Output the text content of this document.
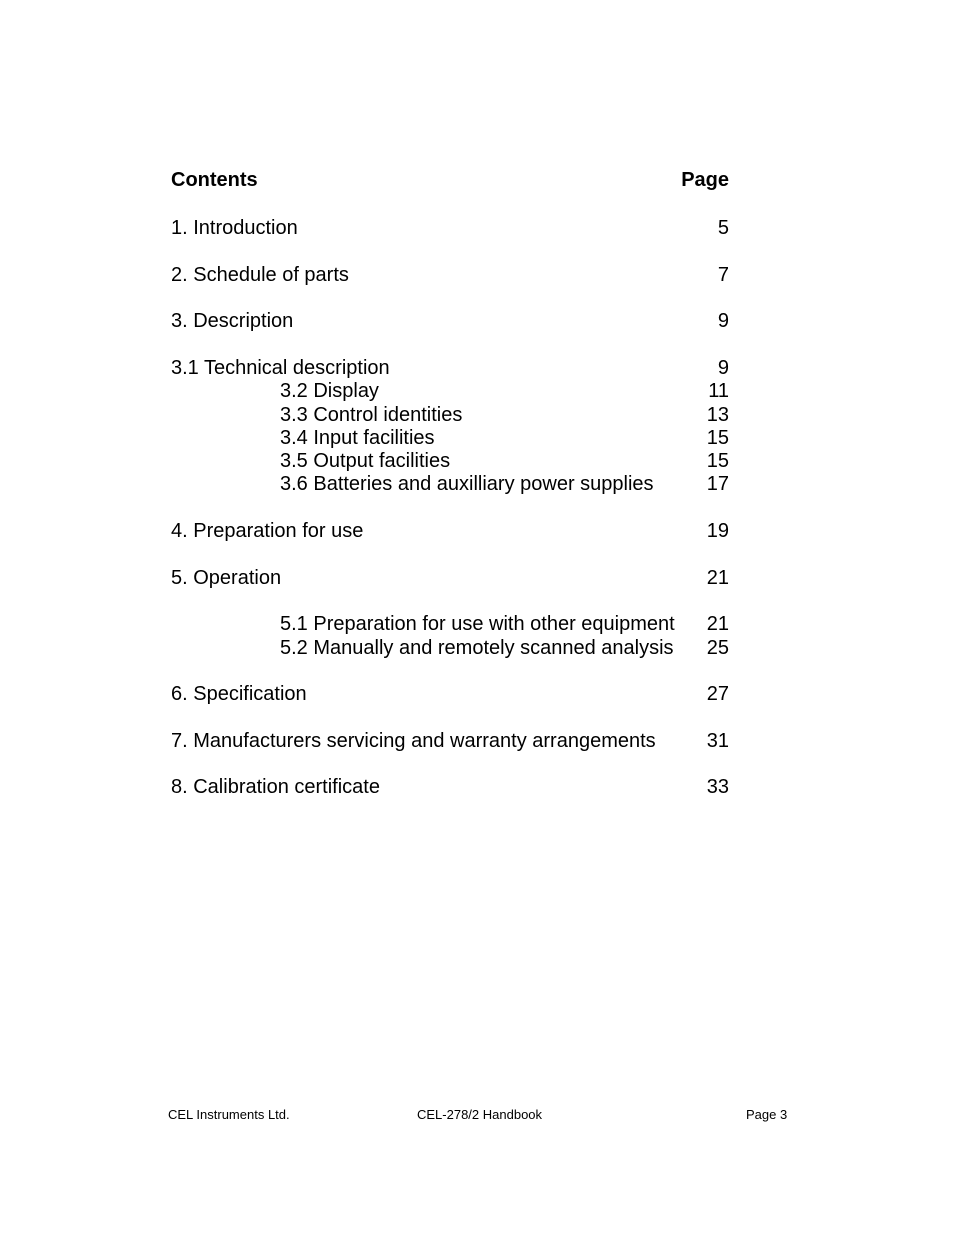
Contents	Page
1. Introduction	5
2. Schedule of parts	7
3. Description	9
3.1 Technical description	9
3.2 Display	11
3.3 Control identities	13
3.4 Input facilities	15
3.5 Output facilities	15
3.6 Batteries and auxilliary power supplies	17
4. Preparation for use	19
5. Operation	21
5.1 Preparation for use with other equipment 21
5.2 Manually and remotely scanned analysis 25
6. Specification	27
7. Manufacturers servicing and warranty arrangements	31
8. Calibration certificate	33
CEL Instruments Ltd.	CEL-278/2 Handbook	Page 3
